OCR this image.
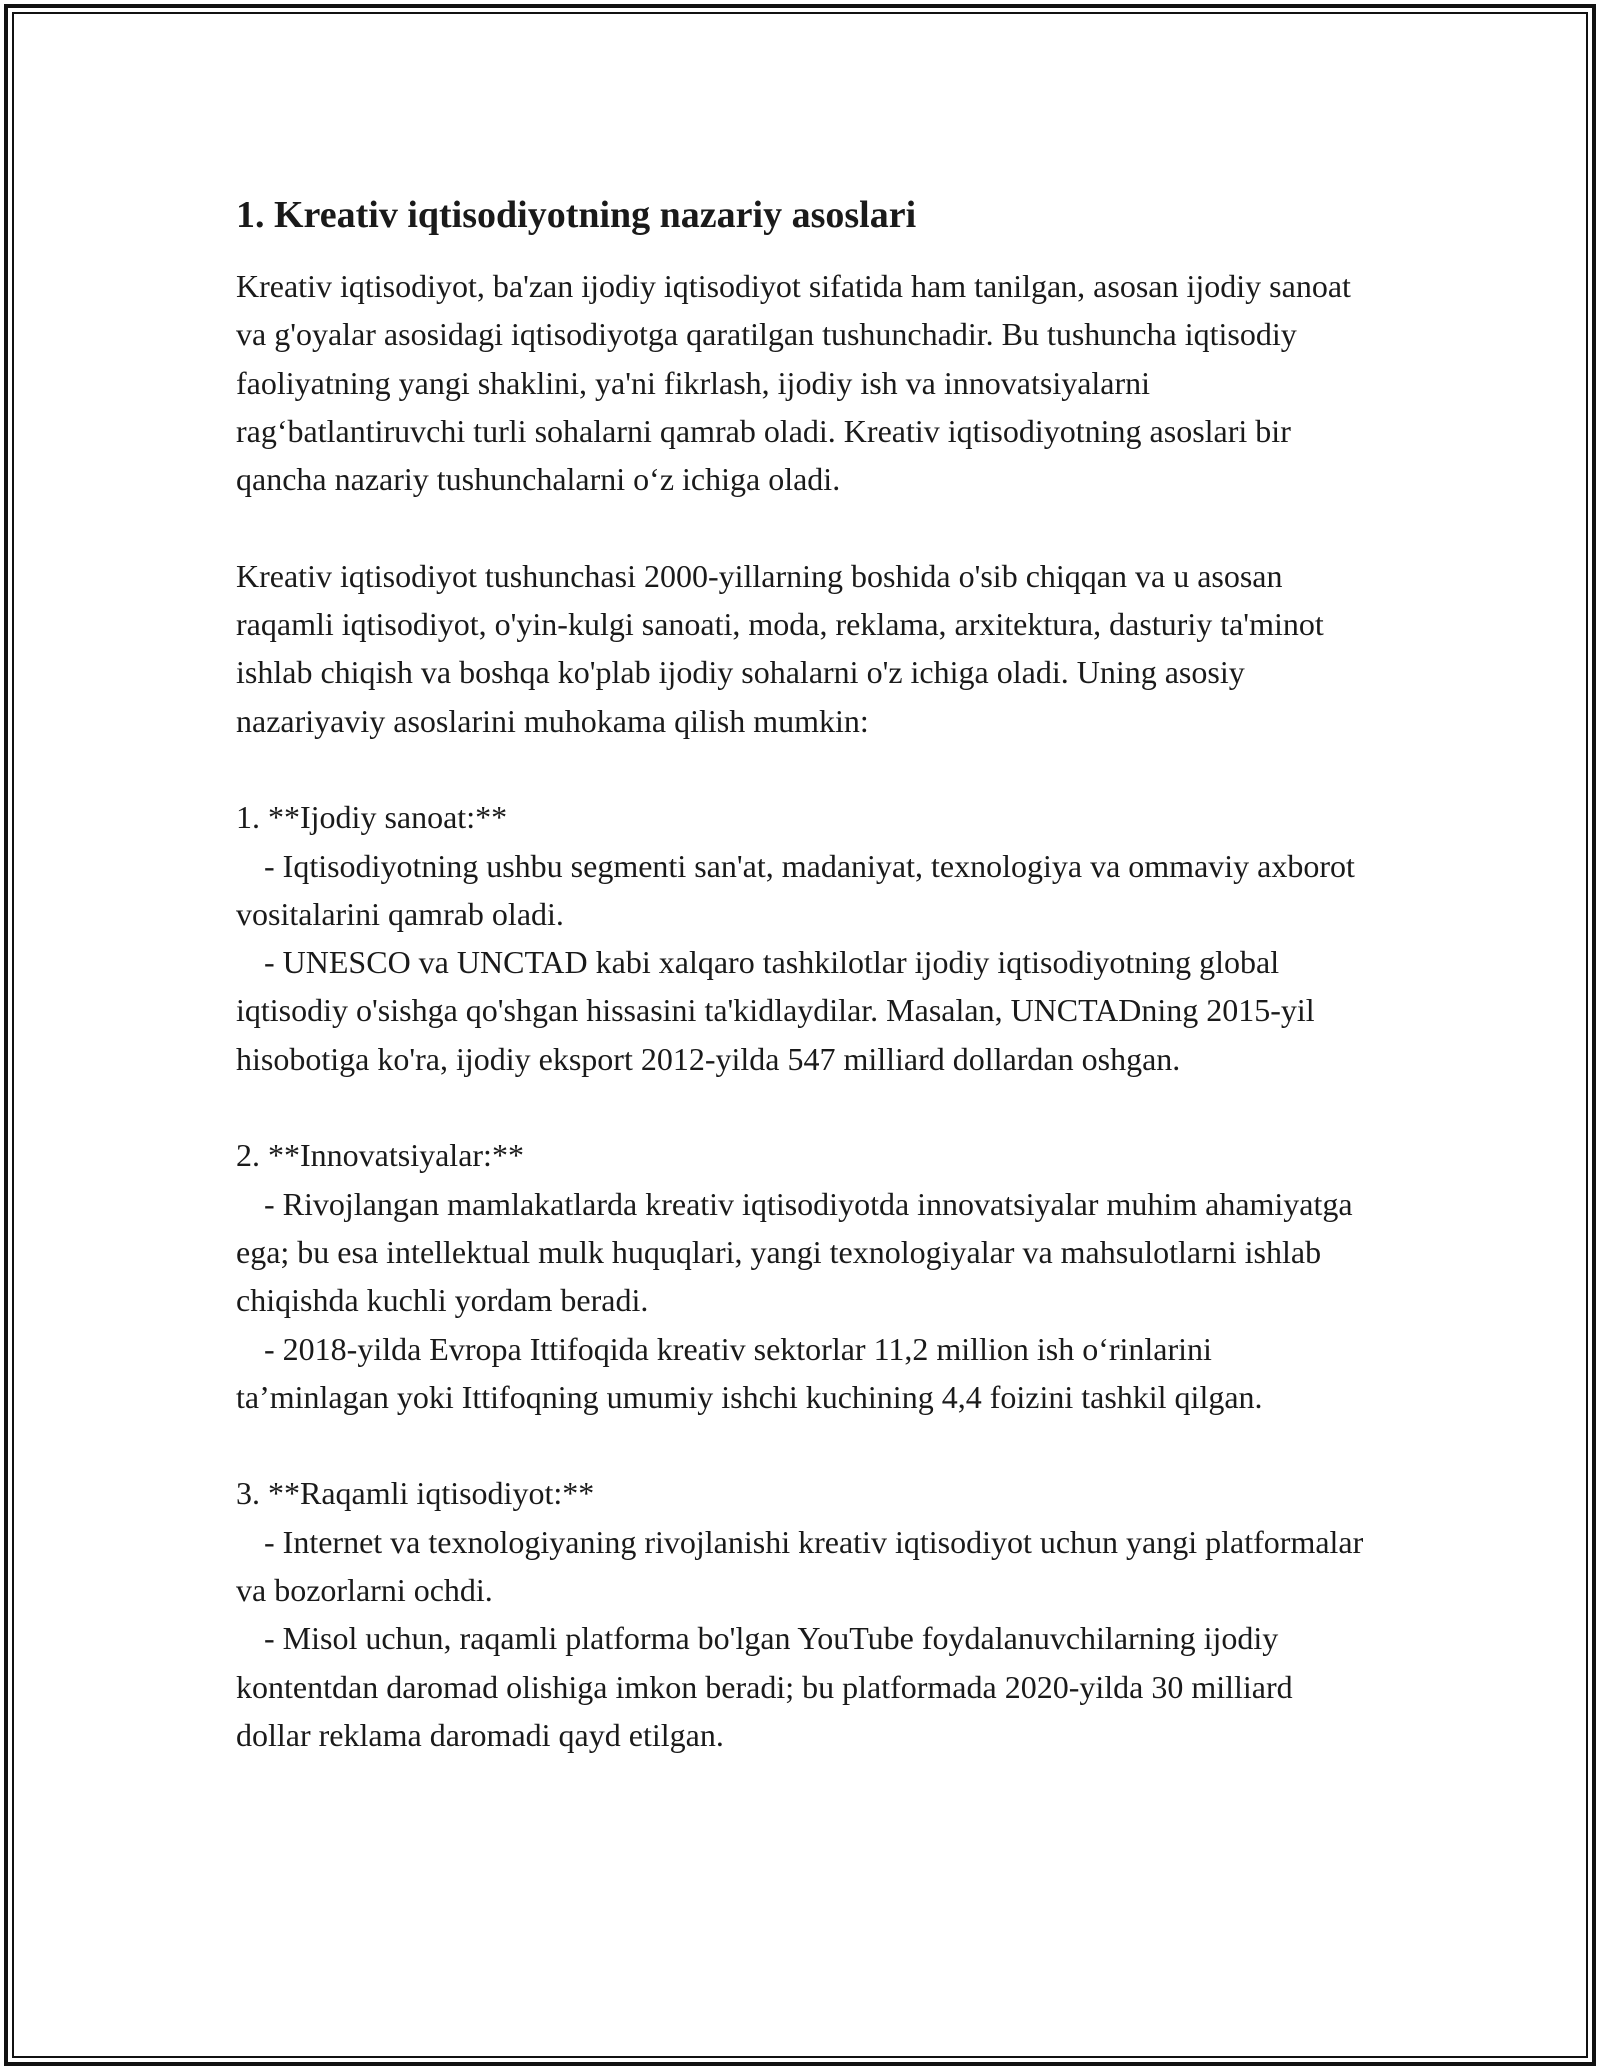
1. Kreativ iqtisodiyotning nazariy asoslari

Kreativ iqtisodiyot, ba'zan ijodiy iqtisodiyot sifatida ham tanilgan, asosan ijodiy sanoat va g'oyalar asosidagi iqtisodiyotga qaratilgan tushunchadir. Bu tushuncha iqtisodiy faoliyatning yangi shaklini, ya'ni fikrlash, ijodiy ish va innovatsiyalarni rag‘batlantiruvchi turli sohalarni qamrab oladi. Kreativ iqtisodiyotning asoslari bir qancha nazariy tushunchalarni o‘z ichiga oladi.

Kreativ iqtisodiyot tushunchasi 2000-yillarning boshida o'sib chiqqan va u asosan raqamli iqtisodiyot, o'yin-kulgi sanoati, moda, reklama, arxitektura, dasturiy ta'minot ishlab chiqish va boshqa ko'plab ijodiy sohalarni o'z ichiga oladi. Uning asosiy nazariyaviy asoslarini muhokama qilish mumkin:

1. **Ijodiy sanoat:**

- Iqtisodiyotning ushbu segmenti san'at, madaniyat, texnologiya va ommaviy axborot vositalarini qamrab oladi.

- UNESCO va UNCTAD kabi xalqaro tashkilotlar ijodiy iqtisodiyotning global iqtisodiy o'sishga qo'shgan hissasini ta'kidlaydilar. Masalan, UNCTADning 2015-yil hisobotiga ko'ra, ijodiy eksport 2012-yilda 547 milliard dollardan oshgan.

2. **Innovatsiyalar:**

- Rivojlangan mamlakatlarda kreativ iqtisodiyotda innovatsiyalar muhim ahamiyatga ega; bu esa intellektual mulk huquqlari, yangi texnologiyalar va mahsulotlarni ishlab chiqishda kuchli yordam beradi.

- 2018-yilda Evropa Ittifoqida kreativ sektorlar 11,2 million ish o‘rinlarini ta’minlagan yoki Ittifoqning umumiy ishchi kuchining 4,4 foizini tashkil qilgan.

3. **Raqamli iqtisodiyot:**

- Internet va texnologiyaning rivojlanishi kreativ iqtisodiyot uchun yangi platformalar va bozorlarni ochdi.

- Misol uchun, raqamli platforma bo'lgan YouTube foydalanuvchilarning ijodiy kontentdan daromad olishiga imkon beradi; bu platformada 2020-yilda 30 milliard dollar reklama daromadi qayd etilgan.
